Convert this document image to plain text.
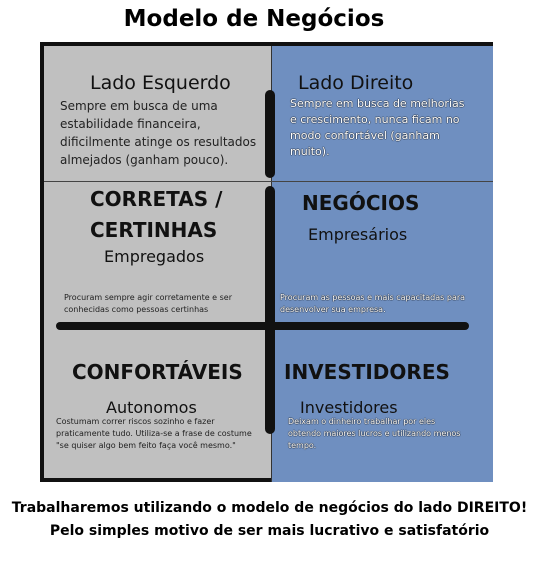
Modelo de Negócios
Lado Esquerdo
Sempre em busca de uma estabilidade financeira, dificilmente atinge os resultados almejados (ganham pouco).
Lado Direito
Sempre em busca de melhorias e crescimento, nunca ficam no modo confortável (ganham muito).
CORRETAS /
CERTINHAS
Empregados
Procuram sempre agir corretamente e ser conhecidas como pessoas certinhas
NEGÓCIOS
Empresários
Procuram as pessoas e mais capacitadas para desenvolver sua empresa.
CONFORTÁVEIS
Autonomos
Costumam correr riscos sozinho e fazer praticamente tudo. Utiliza-se a frase de costume "se quiser algo bem feito faça você mesmo."
INVESTIDORES
Investidores
Deixam o dinheiro trabalhar por eles obtendo maiores lucros e utilizando menos tempo.
Trabalharemos utilizando o modelo de negócios do lado DIREITO!
Pelo simples motivo de ser mais lucrativo e satisfatório
